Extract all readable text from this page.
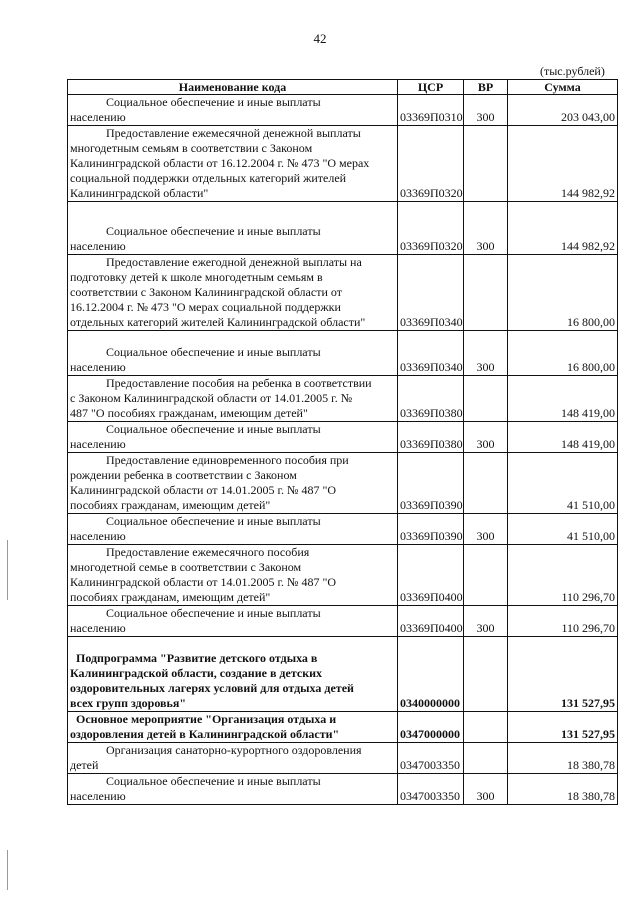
42
(тыс.рублей)
Наименование кода	ЦСР	ВР	Сумма

Социальное обеспечение и иные выплаты
населению	03369П0310	300	203 043,00

Предоставление ежемесячной денежной выплаты
многодетным семьям в соответствии с Законом
Калининградской области от 16.12.2004 г. № 473 "О мерах
социальной поддержки отдельных категорий жителей
Калининградской области"	03369П0320		144 982,92

Социальное обеспечение и иные выплаты
населению	03369П0320	300	144 982,92

Предоставление ежегодной денежной выплаты на
подготовку детей к школе многодетным семьям в
соответствии с Законом Калининградской области от
16.12.2004 г. № 473 "О мерах социальной поддержки
отдельных категорий жителей Калининградской области"	03369П0340		16 800,00

Социальное обеспечение и иные выплаты
населению	03369П0340	300	16 800,00

Предоставление пособия на ребенка в соответствии
с Законом Калининградской области от 14.01.2005 г. №
487 "О пособиях гражданам, имеющим детей"	03369П0380		148 419,00

Социальное обеспечение и иные выплаты
населению	03369П0380	300	148 419,00

Предоставление единовременного пособия при
рождении ребенка в соответствии с Законом
Калининградской области от 14.01.2005 г. № 487 "О
пособиях гражданам, имеющим детей"	03369П0390		41 510,00

Социальное обеспечение и иные выплаты
населению	03369П0390	300	41 510,00

Предоставление ежемесячного пособия
многодетной семье в соответствии с Законом
Калининградской области от 14.01.2005 г. № 487 "О
пособиях гражданам, имеющим детей"	03369П0400		110 296,70

Социальное обеспечение и иные выплаты
населению	03369П0400	300	110 296,70

Подпрограмма "Развитие детского отдыха в
Калининградской области, создание в детских
оздоровительных лагерях условий для отдыха детей
всех групп здоровья"	0340000000		131 527,95

Основное мероприятие "Организация отдыха и
оздоровления детей в Калининградской области"	0347000000		131 527,95

Организация санаторно-курортного оздоровления
детей	0347003350		18 380,78

Социальное обеспечение и иные выплаты
населению	0347003350	300	18 380,78
